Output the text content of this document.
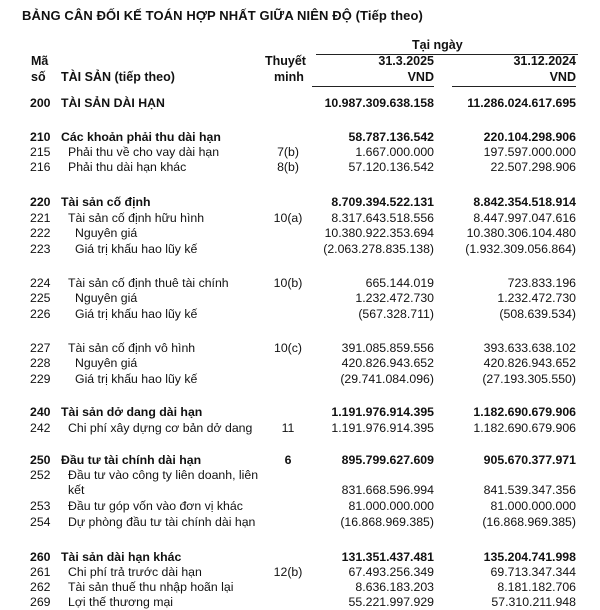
BẢNG CÂN ĐỐI KẾ TOÁN HỢP NHẤT GIỮA NIÊN ĐỘ (Tiếp theo)
Tại ngày
Mã
số TÀI SẢN (tiếp theo)
Thuyết
minh
31.3.2025	31.12.2024
VND	VND
200 TÀI SẢN DÀI HẠN	10.987.309.638.158	11.286.024.617.695
210 Các khoản phải thu dài hạn	58.787.136.542	220.104.298.906
215 Phải thu về cho vay dài hạn	7(b)	1.667.000.000	197.597.000.000
216 Phải thu dài hạn khác	8(b)	57.120.136.542	22.507.298.906
220 Tài sản cố định	8.709.394.522.131	8.842.354.518.914
221 Tài sản cố định hữu hình	10(a)	8.317.643.518.556	8.447.997.047.616
222 Nguyên giá	10.380.922.353.694	10.380.306.104.480
223 Giá trị khấu hao lũy kế	(2.063.278.835.138)	(1.932.309.056.864)
224 Tài sản cố định thuê tài chính	10(b)	665.144.019	723.833.196
225 Nguyên giá	1.232.472.730	1.232.472.730
226 Giá trị khấu hao lũy kế	(567.328.711)	(508.639.534)
227 Tài sản cố định vô hình	10(c)	391.085.859.556	393.633.638.102
228 Nguyên giá	420.826.943.652	420.826.943.652
229 Giá trị khấu hao lũy kế	(29.741.084.096)	(27.193.305.550)
240 Tài sản dở dang dài hạn	1.191.976.914.395	1.182.690.679.906
242 Chi phí xây dựng cơ bản dở dang	11	1.191.976.914.395	1.182.690.679.906
250 Đầu tư tài chính dài hạn	6	895.799.627.609	905.670.377.971
252 Đầu tư vào công ty liên doanh, liên
kết	831.668.596.994	841.539.347.356
253 Đầu tư góp vốn vào đơn vị khác	81.000.000.000	81.000.000.000
254 Dự phòng đầu tư tài chính dài hạn	(16.868.969.385)	(16.868.969.385)
260 Tài sản dài hạn khác	131.351.437.481	135.204.741.998
261 Chi phí trả trước dài hạn	12(b)	67.493.256.349	69.713.347.344
262 Tài sản thuế thu nhập hoãn lại	8.636.183.203	8.181.182.706
269 Lợi thế thương mại	55.221.997.929	57.310.211.948
